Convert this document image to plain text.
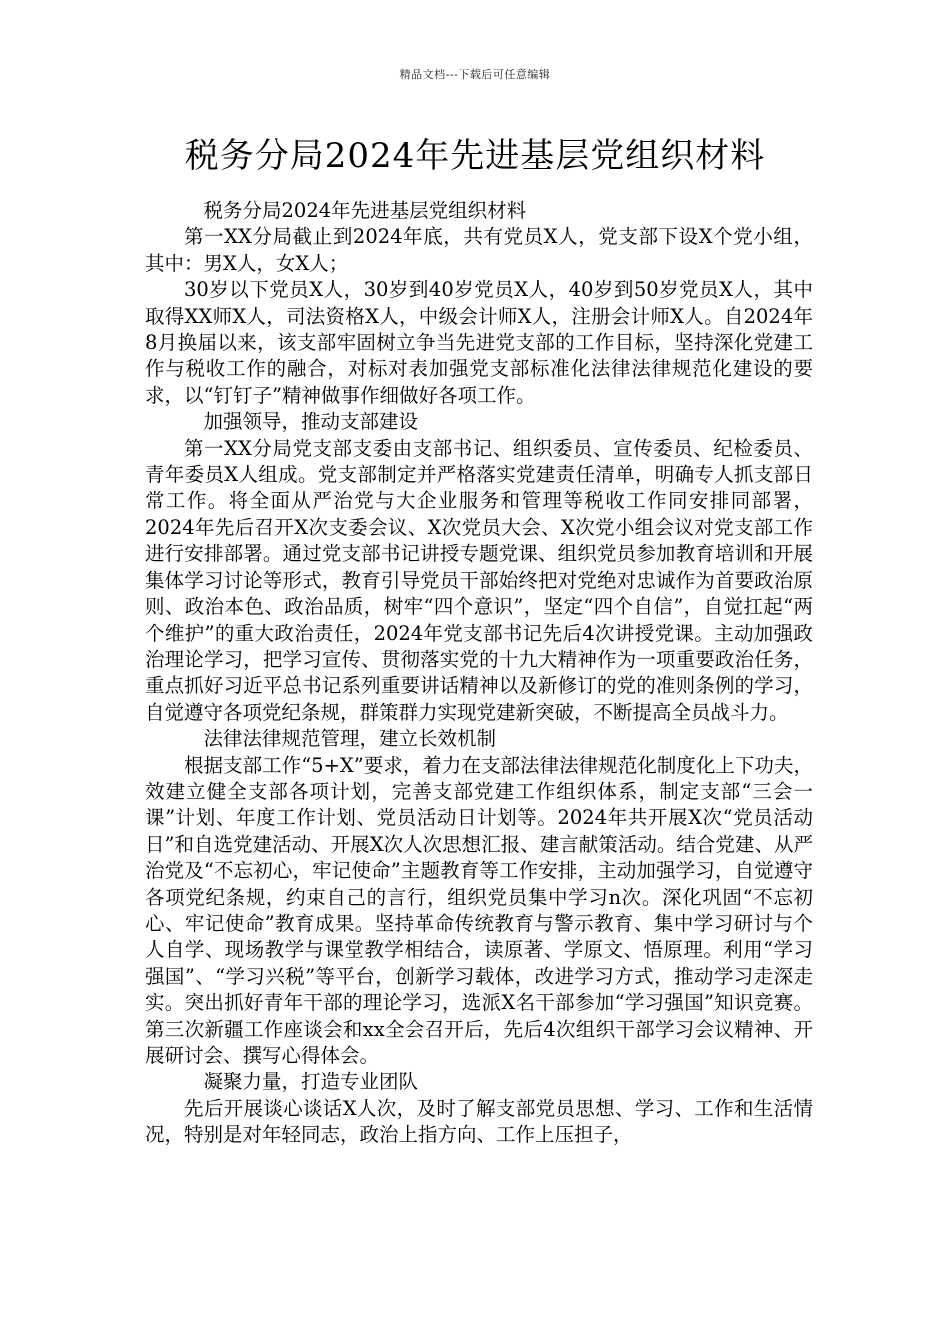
精品文档---下载后可任意编辑
税务分局2024年先进基层党组织材料

税务分局2024年先进基层党组织材料

第一XX分局截止到2024年底，共有党员X人，党支部下设X个党小组，其中：男X人，女X人；

30岁以下党员X人，30岁到40岁党员X人，40岁到50岁党员X人，其中取得XX师X人，司法资格X人，中级会计师X人，注册会计师X人。自2024年8月换届以来，该支部牢固树立争当先进党支部的工作目标，坚持深化党建工作与税收工作的融合，对标对表加强党支部标准化法律法律规范化建设的要求，以“钉钉子”精神做事作细做好各项工作。

加强领导，推动支部建设

第一XX分局党支部支委由支部书记、组织委员、宣传委员、纪检委员、青年委员X人组成。党支部制定并严格落实党建责任清单，明确专人抓支部日常工作。将全面从严治党与大企业服务和管理等税收工作同安排同部署，2024年先后召开X次支委会议、X次党员大会、X次党小组会议对党支部工作进行安排部署。通过党支部书记讲授专题党课、组织党员参加教育培训和开展集体学习讨论等形式，教育引导党员干部始终把对党绝对忠诚作为首要政治原则、政治本色、政治品质，树牢“四个意识”，坚定“四个自信”，自觉扛起“两个维护”的重大政治责任，2024年党支部书记先后4次讲授党课。主动加强政治理论学习，把学习宣传、贯彻落实党的十九大精神作为一项重要政治任务，重点抓好习近平总书记系列重要讲话精神以及新修订的党的准则条例的学习，自觉遵守各项党纪条规，群策群力实现党建新突破，不断提高全员战斗力。

法律法律规范管理，建立长效机制

根据支部工作“5+X”要求，着力在支部法律法律规范化制度化上下功夫，效建立健全支部各项计划，完善支部党建工作组织体系，制定支部“三会一课”计划、年度工作计划、党员活动日计划等。2024年共开展X次“党员活动日”和自选党建活动、开展X次人次思想汇报、建言献策活动。结合党建、从严治党及“不忘初心，牢记使命”主题教育等工作安排，主动加强学习，自觉遵守各项党纪条规，约束自己的言行，组织党员集中学习n次。深化巩固“不忘初心、牢记使命”教育成果。坚持革命传统教育与警示教育、集中学习研讨与个人自学、现场教学与课堂教学相结合，读原著、学原文、悟原理。利用“学习强国”、“学习兴税”等平台，创新学习载体，改进学习方式，推动学习走深走实。突出抓好青年干部的理论学习，选派X名干部参加“学习强国”知识竞赛。第三次新疆工作座谈会和xx全会召开后，先后4次组织干部学习会议精神、开展研讨会、撰写心得体会。

凝聚力量，打造专业团队

先后开展谈心谈话X人次，及时了解支部党员思想、学习、工作和生活情况，特别是对年轻同志，政治上指方向、工作上压担子，
